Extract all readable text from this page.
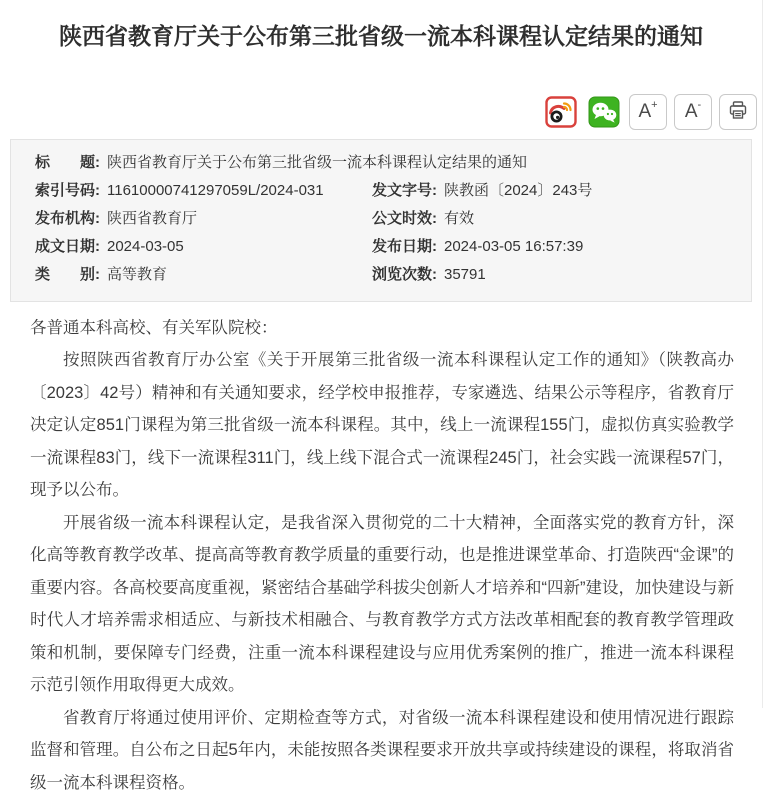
陕西省教育厅关于公布第三批省级一流本科课程认定结果的通知
A + A -
标　　题: 陕西省教育厅关于公布第三批省级一流本科课程认定结果的通知
索引号码: 11610000741297059L/2024-031	发文字号: 陕教函〔2024〕243号
发布机构: 陕西省教育厅	公文时效: 有效
成文日期: 2024-03-05	发布日期: 2024-03-05 16:57:39
类　　别: 高等教育	浏览次数: 35791

各普通本科高校、有关军队院校：

按照陕西省教育厅办公室《关于开展第三批省级一流本科课程认定工作的通知》（陕教高办〔2023〕42号）精神和有关通知要求，经学校申报推荐，专家遴选、结果公示等程序，省教育厅决定认定851门课程为第三批省级一流本科课程。其中，线上一流课程155门，虚拟仿真实验教学一流课程83门，线下一流课程311门，线上线下混合式一流课程245门，社会实践一流课程57门，现予以公布。

开展省级一流本科课程认定，是我省深入贯彻党的二十大精神，全面落实党的教育方针，深化高等教育教学改革、提高高等教育教学质量的重要行动，也是推进课堂革命、打造陕西“金课”的重要内容。各高校要高度重视，紧密结合基础学科拔尖创新人才培养和“四新”建设，加快建设与新时代人才培养需求相适应、与新技术相融合、与教育教学方式方法改革相配套的教育教学管理政策和机制，要保障专门经费，注重一流本科课程建设与应用优秀案例的推广，推进一流本科课程示范引领作用取得更大成效。

省教育厅将通过使用评价、定期检查等方式，对省级一流本科课程建设和使用情况进行跟踪监督和管理。自公布之日起5年内，未能按照各类课程要求开放共享或持续建设的课程，将取消省级一流本科课程资格。
